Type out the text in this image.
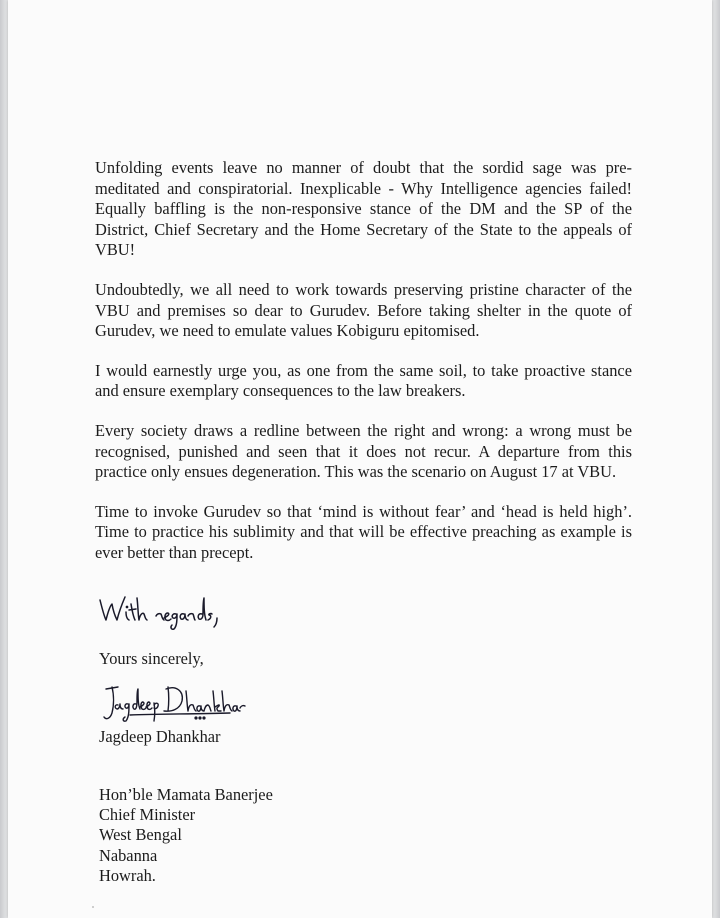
Unfolding events leave no manner of doubt that the sordid sage was pre-meditated and conspiratorial. Inexplicable - Why Intelligence agencies failed! Equally baffling is the non-responsive stance of the DM and the SP of the District, Chief Secretary and the Home Secretary of the State to the appeals of VBU!

Undoubtedly, we all need to work towards preserving pristine character of the VBU and premises so dear to Gurudev. Before taking shelter in the quote of Gurudev, we need to emulate values Kobiguru epitomised.

I would earnestly urge you, as one from the same soil, to take proactive stance and ensure exemplary consequences to the law breakers.

Every society draws a redline between the right and wrong: a wrong must be recognised, punished and seen that it does not recur. A departure from this practice only ensues degeneration. This was the scenario on August 17 at VBU.

Time to invoke Gurudev so that ‘mind is without fear’ and ‘head is held high’. Time to practice his sublimity and that will be effective preaching as example is ever better than precept.

Yours sincerely,
Jagdeep Dhankhar
Hon’ble Mamata Banerjee
Chief Minister
West Bengal
Nabanna
Howrah.
